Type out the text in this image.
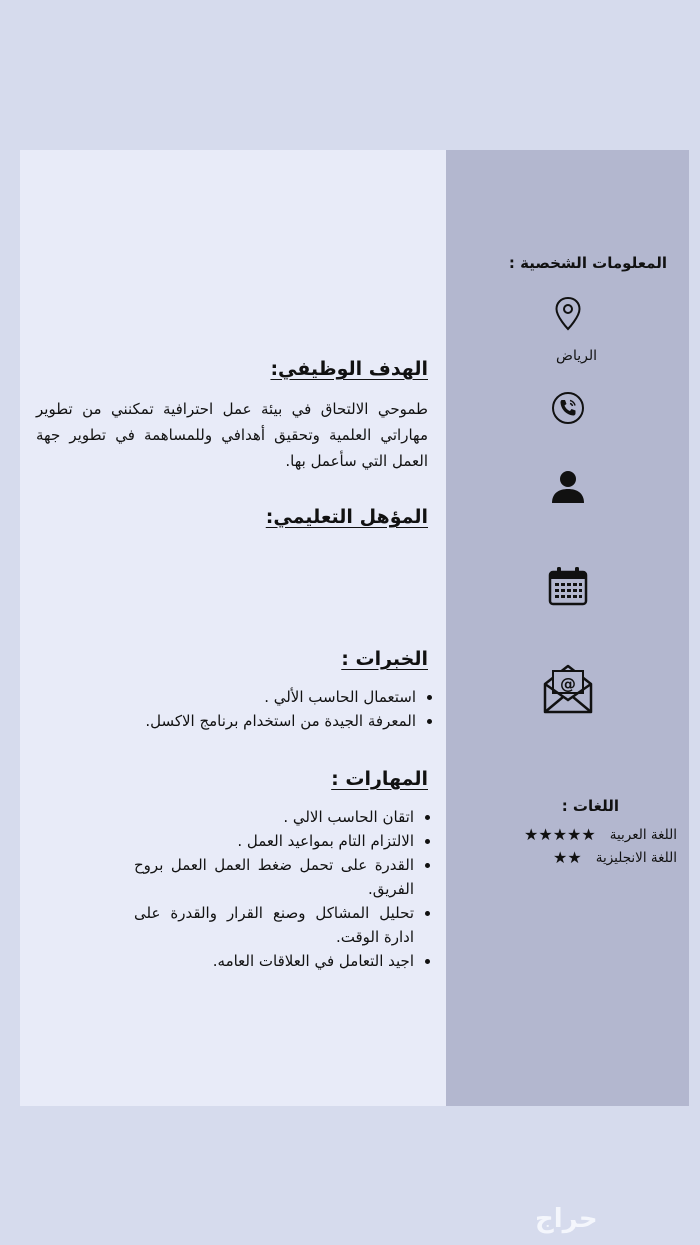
الهدف الوظيفي:

طموحي الالتحاق في بيئة عمل احترافية تمكنني من تطوير مهاراتي العلمية وتحقيق أهدافي وللمساهمة في تطوير جهة العمل التي سأعمل بها.

المؤهل التعليمي:
الخبرات :
• استعمال الحاسب الألي .
• المعرفة الجيدة من استخدام برنامج الاكسل.
المهارات :
• اتقان الحاسب الالي .
• الالتزام التام بمواعيد العمل .
• القدرة على تحمل ضغط العمل العمل بروح الفريق.
• تحليل المشاكل وصنع القرار والقدرة على ادارة الوقت.
• اجيد التعامل في العلاقات العامه.
المعلومات الشخصية :
الرياض
@
اللغات :
اللغة العربية
★★★★★
اللغة الانجليزية
★★
حراج
